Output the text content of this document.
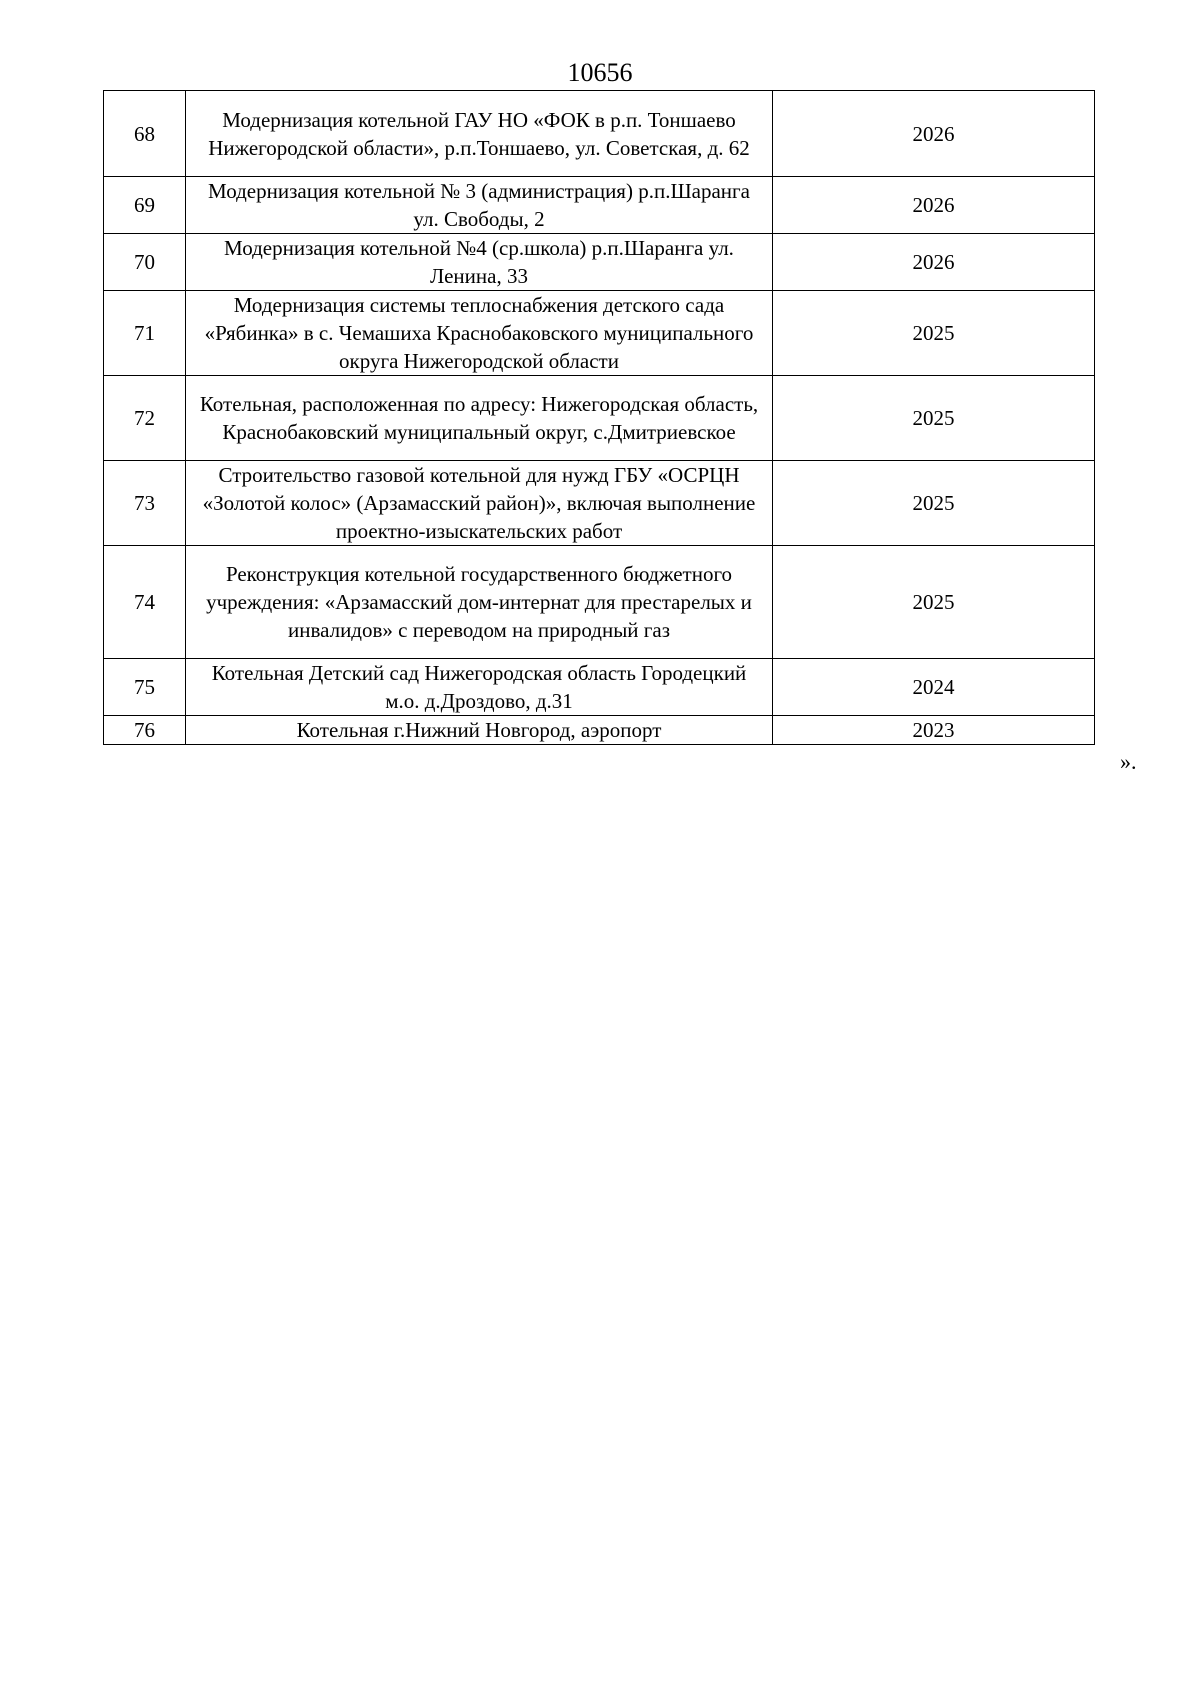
10656
68	Модернизация котельной ГАУ НО «ФОК в р.п. Тоншаево Нижегородской области», р.п.Тоншаево, ул. Советская, д. 62	2026
69	Модернизация котельной № 3 (администрация) р.п.Шаранга ул. Свободы, 2	2026
70	Модернизация котельной №4 (ср.школа) р.п.Шаранга ул. Ленина, 33	2026
71	Модернизация системы теплоснабжения детского сада «Рябинка» в с. Чемашиха Краснобаковского муниципального округа Нижегородской области	2025
72	Котельная, расположенная по адресу: Нижегородская область, Краснобаковский муниципальный округ, с.Дмитриевское	2025
73	Строительство газовой котельной для нужд ГБУ «ОСРЦН «Золотой колос» (Арзамасский район)», включая выполнение проектно-изыскательских работ	2025
74	Реконструкция котельной государственного бюджетного учреждения: «Арзамасский дом-интернат для престарелых и инвалидов» с переводом на природный газ	2025
75	Котельная Детский сад Нижегородская область Городецкий м.о. д.Дроздово, д.31	2024
76	Котельная г.Нижний Новгород, аэропорт	2023
».
